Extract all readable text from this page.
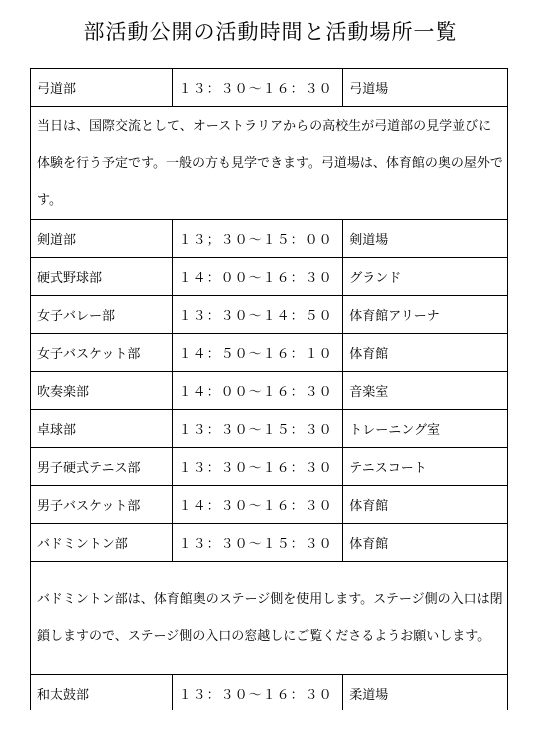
部活動公開の活動時間と活動場所一覧
弓道部	１３：３０～１６：３０	弓道場
当日は、国際交流として、オーストラリアからの高校生が弓道部の見学並びに体験を行う予定です。一般の方も見学できます。弓道場は、体育館の奥の屋外です。		
剣道部	１３；３０～１５：００	剣道場
硬式野球部	１４：００～１６：３０	グランド
女子バレー部	１３：３０～１４：５０	体育館アリーナ
女子バスケット部	１４：５０～１６：１０	体育館
吹奏楽部	１４：００～１６：３０	音楽室
卓球部	１３：３０～１５：３０	トレーニング室
男子硬式テニス部	１３：３０～１６：３０	テニスコート
男子バスケット部	１４：３０～１６：３０	体育館
バドミントン部	１３：３０～１５：３０	体育館
バドミントン部は、体育館奥のステージ側を使用します。ステージ側の入口は閉鎖しますので、ステージ側の入口の窓越しにご覧くださるようお願いします。		
和太鼓部	１３：３０～１６：３０	柔道場
